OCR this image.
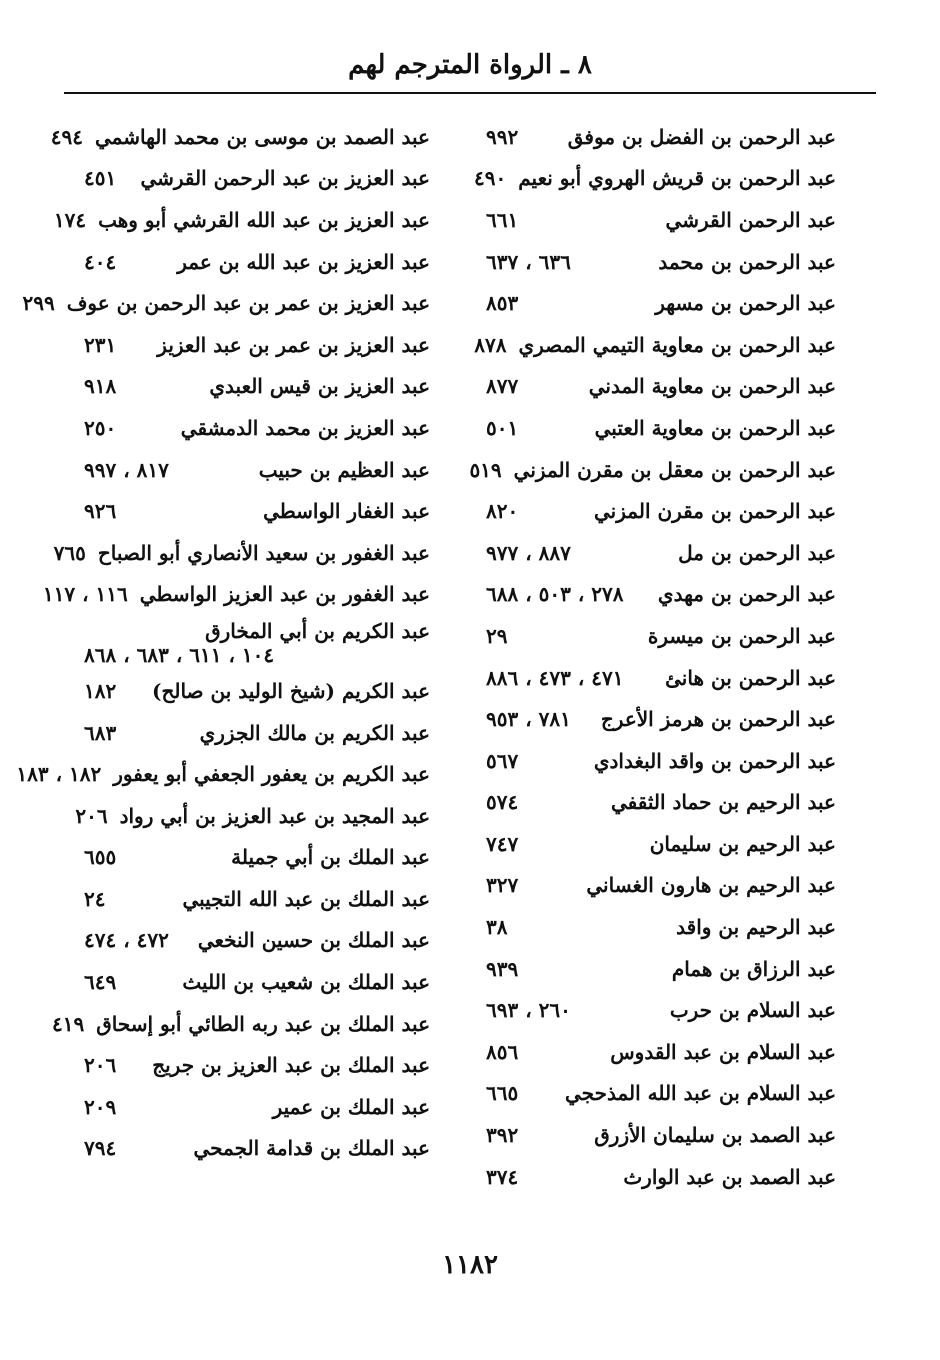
٨ ـ الرواة المترجم لهم
عبد الرحمن بن الفضل بن موفق
٩٩٢
عبد الرحمن بن قريش الهروي أبو نعيم
٤٩٠
عبد الرحمن القرشي
٦٦١
عبد الرحمن بن محمد
٦٣٦ ، ٦٣٧
عبد الرحمن بن مسهر
٨٥٣
عبد الرحمن بن معاوية التيمي المصري
٨٧٨
عبد الرحمن بن معاوية المدني
٨٧٧
عبد الرحمن بن معاوية العتبي
٥٠١
عبد الرحمن بن معقل بن مقرن المزني
٥١٩
عبد الرحمن بن مقرن المزني
٨٢٠
عبد الرحمن بن مل
٨٨٧ ، ٩٧٧
عبد الرحمن بن مهدي
٢٧٨ ، ٥٠٣ ، ٦٨٨
عبد الرحمن بن ميسرة
٢٩
عبد الرحمن بن هانئ
٤٧١ ، ٤٧٣ ، ٨٨٦
عبد الرحمن بن هرمز الأعرج
٧٨١ ، ٩٥٣
عبد الرحمن بن واقد البغدادي
٥٦٧
عبد الرحيم بن حماد الثقفي
٥٧٤
عبد الرحيم بن سليمان
٧٤٧
عبد الرحيم بن هارون الغساني
٣٢٧
عبد الرحيم بن واقد
٣٨
عبد الرزاق بن همام
٩٣٩
عبد السلام بن حرب
٢٦٠ ، ٦٩٣
عبد السلام بن عبد القدوس
٨٥٦
عبد السلام بن عبد الله المذحجي
٦٦٥
عبد الصمد بن سليمان الأزرق
٣٩٢
عبد الصمد بن عبد الوارث
٣٧٤
عبد الصمد بن موسى بن محمد الهاشمي
٤٩٤
عبد العزيز بن عبد الرحمن القرشي
٤٥١
عبد العزيز بن عبد الله القرشي أبو وهب
١٧٤
عبد العزيز بن عبد الله بن عمر
٤٠٤
عبد العزيز بن عمر بن عبد الرحمن بن عوف
٢٩٩
عبد العزيز بن عمر بن عبد العزيز
٢٣١
عبد العزيز بن قيس العبدي
٩١٨
عبد العزيز بن محمد الدمشقي
٢٥٠
عبد العظيم بن حبيب
٨١٧ ، ٩٩٧
عبد الغفار الواسطي
٩٢٦
عبد الغفور بن سعيد الأنصاري أبو الصباح
٧٦٥
عبد الغفور بن عبد العزيز الواسطي
١١٦ ، ١١٧
عبد الكريم بن أبي المخارق
١٠٤ ، ٦١١ ، ٦٨٣ ، ٨٦٨
عبد الكريم (شيخ الوليد بن صالح)
١٨٢
عبد الكريم بن مالك الجزري
٦٨٣
عبد الكريم بن يعفور الجعفي أبو يعفور
١٨٢ ، ١٨٣
عبد المجيد بن عبد العزيز بن أبي رواد
٢٠٦
عبد الملك بن أبي جميلة
٦٥٥
عبد الملك بن عبد الله التجيبي
٢٤
عبد الملك بن حسين النخعي
٤٧٢ ، ٤٧٤
عبد الملك بن شعيب بن الليث
٦٤٩
عبد الملك بن عبد ربه الطائي أبو إسحاق
٤١٩
عبد الملك بن عبد العزيز بن جريج
٢٠٦
عبد الملك بن عمير
٢٠٩
عبد الملك بن قدامة الجمحي
٧٩٤
١١٨٢
